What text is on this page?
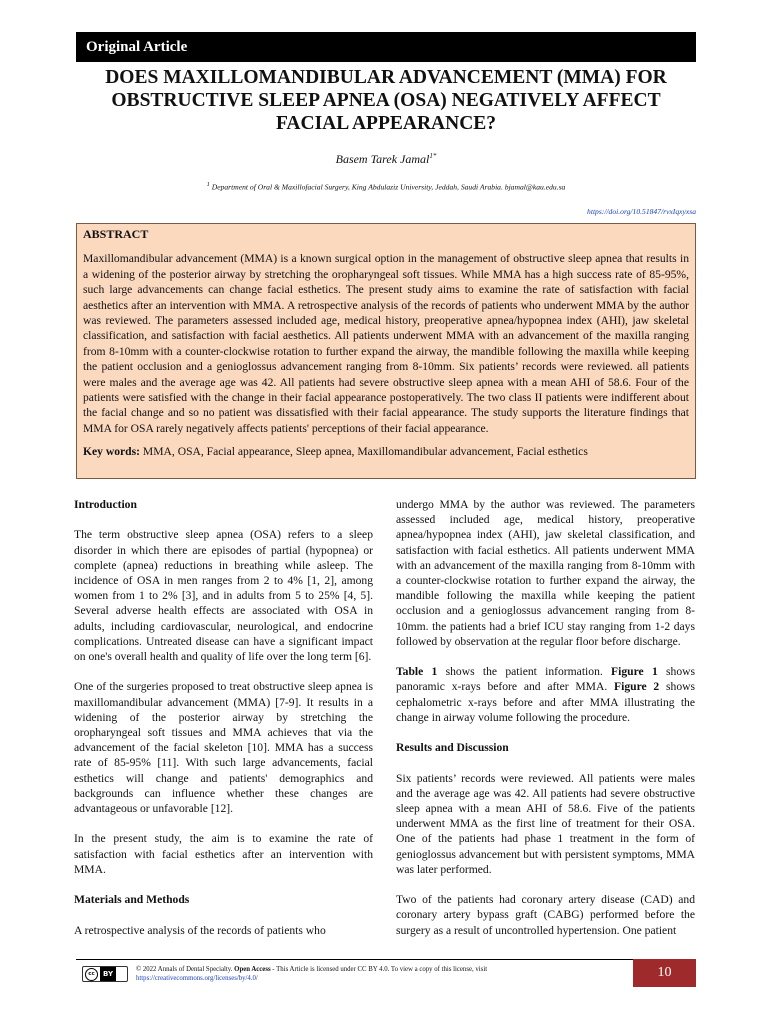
Original Article
DOES MAXILLOMANDIBULAR ADVANCEMENT (MMA) FOR
OBSTRUCTIVE SLEEP APNEA (OSA) NEGATIVELY AFFECT
FACIAL APPEARANCE?
Basem Tarek Jamal$^{1*}$
$^1$ Department of Oral & Maxillofacial Surgery, King Abdulaziz University, Jeddah, Saudi Arabia. bjamal@kau.edu.sa
https://doi.org/10.51847/rvxIqxyxsa
ABSTRACT
Maxillomandibular advancement (MMA) is a known surgical option in the management of obstructive sleep apnea that results in a widening of the posterior airway by stretching the oropharyngeal soft tissues. While MMA has a high success rate of 85-95%, such large advancements can change facial esthetics. The present study aims to examine the rate of satisfaction with facial aesthetics after an intervention with MMA. A retrospective analysis of the records of patients who underwent MMA by the author was reviewed. The parameters assessed included age, medical history, preoperative apnea/hypopnea index (AHI), jaw skeletal classification, and satisfaction with facial aesthetics. All patients underwent MMA with an advancement of the maxilla ranging from 8-10mm with a counter-clockwise rotation to further expand the airway, the mandible following the maxilla while keeping the patient occlusion and a genioglossus advancement ranging from 8-10mm. Six patients’ records were reviewed. all patients were males and the average age was 42. All patients had severe obstructive sleep apnea with a mean AHI of 58.6. Four of the patients were satisfied with the change in their facial appearance postoperatively. The two class II patients were indifferent about the facial change and so no patient was dissatisfied with their facial appearance. The study supports the literature findings that MMA for OSA rarely negatively affects patients' perceptions of their facial appearance.
Key words: MMA, OSA, Facial appearance, Sleep apnea, Maxillomandibular advancement, Facial esthetics

Introduction

The term obstructive sleep apnea (OSA) refers to a sleep disorder in which there are episodes of partial (hypopnea) or complete (apnea) reductions in breathing while asleep. The incidence of OSA in men ranges from 2 to 4% [1, 2], among women from 1 to 2% [3], and in adults from 5 to 25% [4, 5]. Several adverse health effects are associated with OSA in adults, including cardiovascular, neurological, and endocrine complications. Untreated disease can have a significant impact on one's overall health and quality of life over the long term [6].

One of the surgeries proposed to treat obstructive sleep apnea is maxillomandibular advancement (MMA) [7-9]. It results in a widening of the posterior airway by stretching the oropharyngeal soft tissues and MMA achieves that via the advancement of the facial skeleton [10]. MMA has a success rate of 85-95% [11]. With such large advancements, facial esthetics will change and patients' demographics and backgrounds can influence whether these changes are advantageous or unfavorable [12].

In the present study, the aim is to examine the rate of satisfaction with facial esthetics after an intervention with MMA.

Materials and Methods

A retrospective analysis of the records of patients who

undergo MMA by the author was reviewed. The parameters assessed included age, medical history, preoperative apnea/hypopnea index (AHI), jaw skeletal classification, and satisfaction with facial esthetics. All patients underwent MMA with an advancement of the maxilla ranging from 8-10mm with a counter-clockwise rotation to further expand the airway, the mandible following the maxilla while keeping the patient occlusion and a genioglossus advancement ranging from 8-10mm. the patients had a brief ICU stay ranging from 1-2 days followed by observation at the regular floor before discharge.

Table 1 shows the patient information. Figure 1 shows panoramic x-rays before and after MMA. Figure 2 shows cephalometric x-rays before and after MMA illustrating the change in airway volume following the procedure.

Results and Discussion

Six patients’ records were reviewed. All patients were males and the average age was 42. All patients had severe obstructive sleep apnea with a mean AHI of 58.6. Five of the patients underwent MMA as the first line of treatment for their OSA. One of the patients had phase 1 treatment in the form of genioglossus advancement but with persistent symptoms, MMA was later performed.

Two of the patients had coronary artery disease (CAD) and coronary artery bypass graft (CABG) performed before the surgery as a result of uncontrolled hypertension. One patient

cc	BY
© 2022 Annals of Dental Specialty. Open Access - This Article is licensed under CC BY 4.0. To view a copy of this license, visit
https://creativecommons.org/licenses/by/4.0/	10
